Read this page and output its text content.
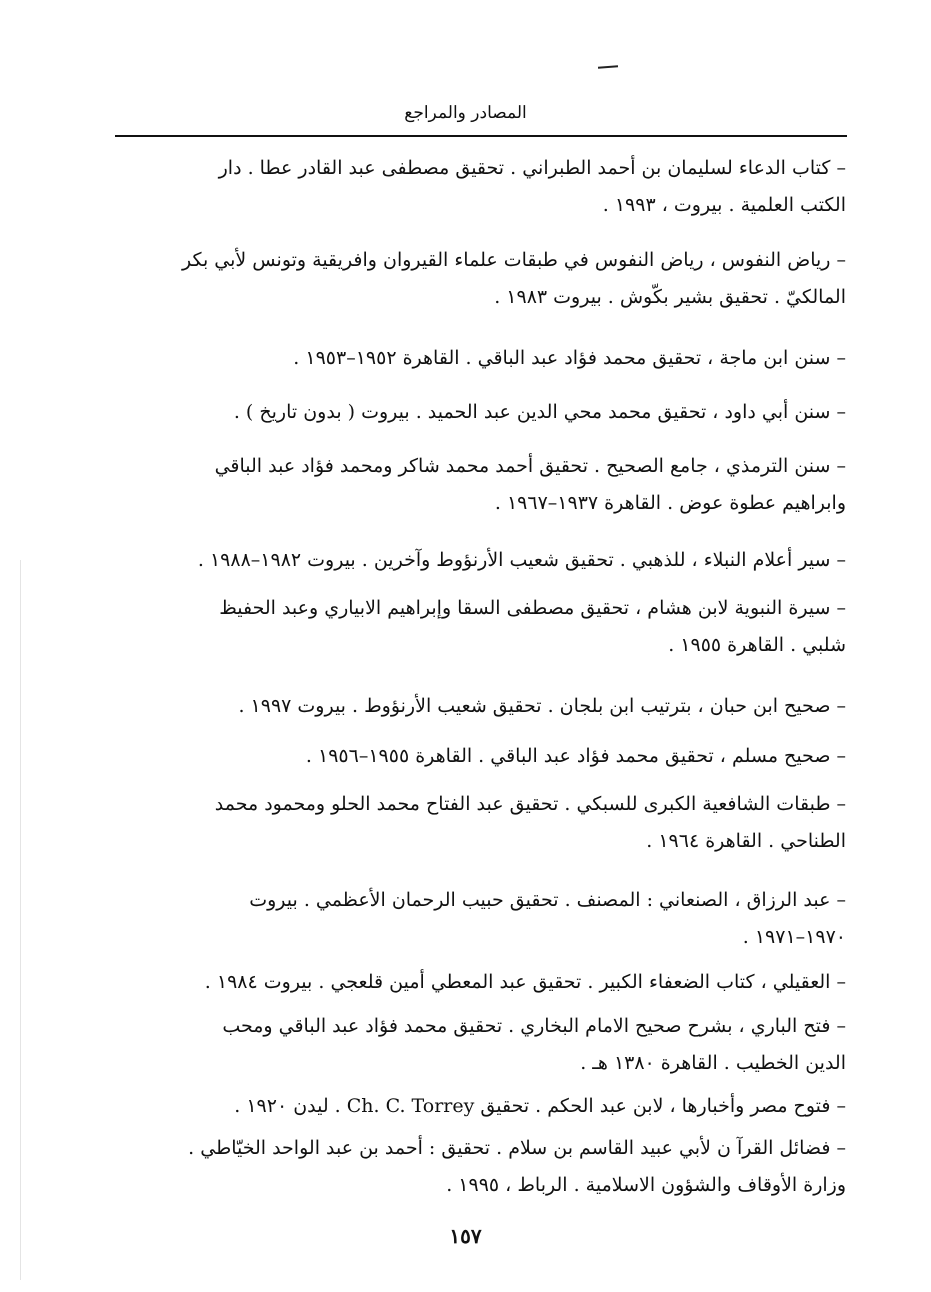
المصادر والمراجع
– كتاب الدعاء لسليمان بن أحمد الطبراني . تحقيق مصطفى عبد القادر عطا . دار
الكتب العلمية . بيروت ، ١٩٩٣ .
– رياض النفوس ، رياض النفوس في طبقات علماء القيروان وافريقية وتونس لأبي بكر
المالكيّ . تحقيق بشير بكّوش . بيروت ١٩٨٣ .
– سنن ابن ماجة ، تحقيق محمد فؤاد عبد الباقي . القاهرة ١٩٥٢–١٩٥٣ .
– سنن أبي داود ، تحقيق محمد محي الدين عبد الحميد . بيروت ( بدون تاريخ ) .
– سنن الترمذي ، جامع الصحيح . تحقيق أحمد محمد شاكر ومحمد فؤاد عبد الباقي
وابراهيم عطوة عوض . القاهرة ١٩٣٧–١٩٦٧ .
– سير أعلام النبلاء ، للذهبي . تحقيق شعيب الأرنؤوط وآخرين . بيروت ١٩٨٢–١٩٨٨ .
– سيرة النبوية لابن هشام ، تحقيق مصطفى السقا وإبراهيم الابياري وعبد الحفيظ
شلبي . القاهرة ١٩٥٥ .
– صحيح ابن حبان ، بترتيب ابن بلجان . تحقيق شعيب الأرنؤوط . بيروت ١٩٩٧ .
– صحيح مسلم ، تحقيق محمد فؤاد عبد الباقي . القاهرة ١٩٥٥–١٩٥٦ .
– طبقات الشافعية الكبرى للسبكي . تحقيق عبد الفتاح محمد الحلو ومحمود محمد
الطناحي . القاهرة ١٩٦٤ .
– عبد الرزاق ، الصنعاني : المصنف . تحقيق حبيب الرحمان الأعظمي . بيروت
١٩٧٠–١٩٧١ .
– العقيلي ، كتاب الضعفاء الكبير . تحقيق عبد المعطي أمين قلعجي . بيروت ١٩٨٤ .
– فتح الباري ، بشرح صحيح الامام البخاري . تحقيق محمد فؤاد عبد الباقي ومحب
الدين الخطيب . القاهرة ١٣٨٠ هـ .
– فتوح مصر وأخبارها ، لابن عبد الحكم . تحقيق Ch. C. Torrey . ليدن ١٩٢٠ .
– فضائل القرآ ن لأبي عبيد القاسم بن سلام . تحقيق : أحمد بن عبد الواحد الخيّاطي .
وزارة الأوقاف والشؤون الاسلامية . الرباط ، ١٩٩٥ .
١٥٧
